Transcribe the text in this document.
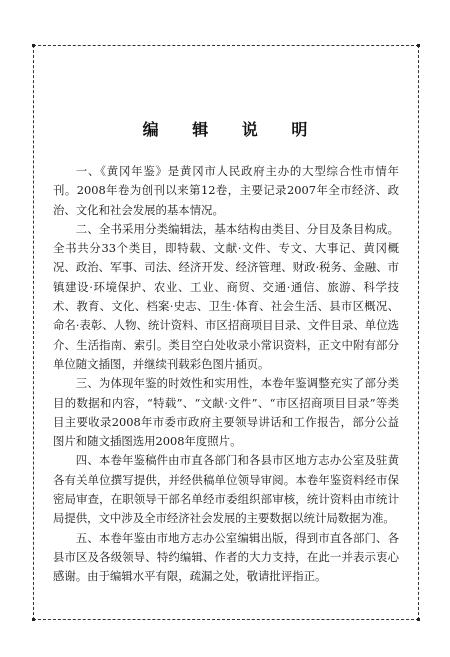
编 辑 说 明

一、《黄冈年鉴》是黄冈市人民政府主办的大型综合性市情年刊。2008年卷为创刊以来第12卷，主要记录2007年全市经济、政治、文化和社会发展的基本情况。

二、全书采用分类编辑法，基本结构由类目、分目及条目构成。全书共分33个类目，即特载、文献·文件、专文、大事记、黄冈概况、政治、军事、司法、经济开发、经济管理、财政·税务、金融、市镇建设·环境保护、农业、工业、商贸、交通·通信、旅游、科学技术、教育、文化、档案·史志、卫生·体育、社会生活、县市区概况、命名·表彰、人物、统计资料、市区招商项目目录、文件目录、单位选介、生活指南、索引。类目空白处收录小常识资料，正文中附有部分单位随文插图，并继续刊载彩色图片插页。

三、为体现年鉴的时效性和实用性，本卷年鉴调整充实了部分类目的数据和内容，“特载”、“文献·文件”、“市区招商项目目录”等类目主要收录2008年市委市政府主要领导讲话和工作报告，部分公益图片和随文插图选用2008年度照片。

四、本卷年鉴稿件由市直各部门和各县市区地方志办公室及驻黄各有关单位撰写提供，并经供稿单位领导审阅。本卷年鉴资料经市保密局审查，在职领导干部名单经市委组织部审核，统计资料由市统计局提供，文中涉及全市经济社会发展的主要数据以统计局数据为准。

五、本卷年鉴由市地方志办公室编辑出版，得到市直各部门、各县市区及各级领导、特约编辑、作者的大力支持，在此一并表示衷心感谢。由于编辑水平有限，疏漏之处，敬请批评指正。
